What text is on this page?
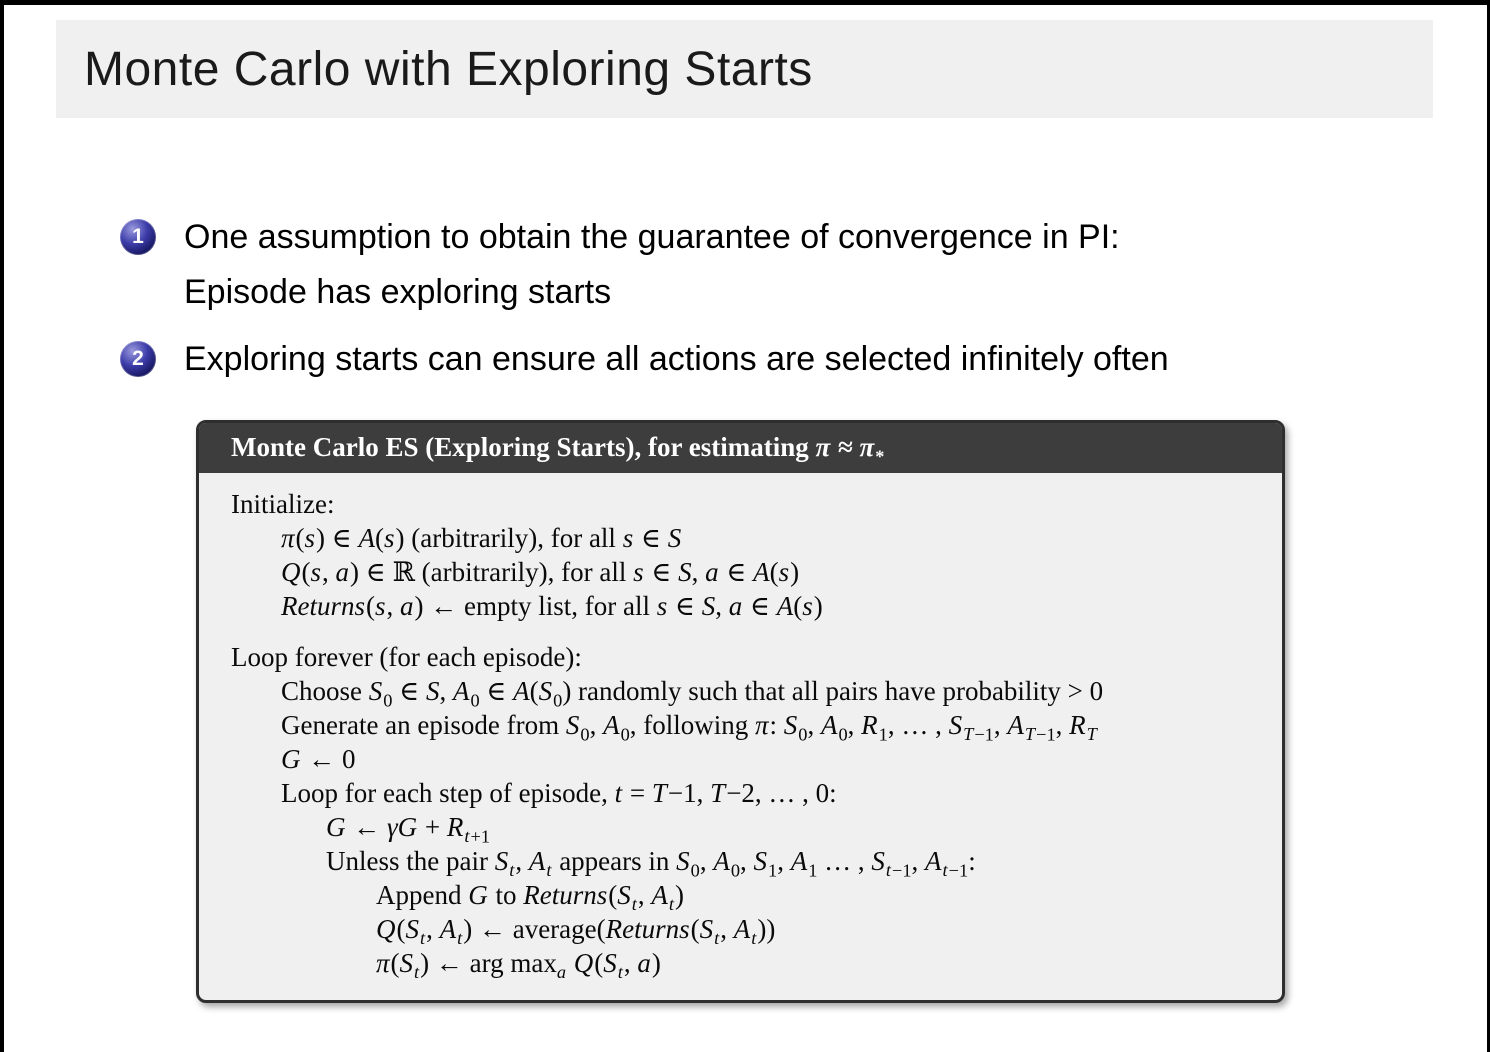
Monte Carlo with Exploring Starts
1	One assumption to obtain the guarantee of convergence in PI:
Episode has exploring starts
2	Exploring starts can ensure all actions are selected infinitely often
Monte Carlo ES (Exploring Starts), for estimating $\pi \approx \pi_*$
Initialize:
π(s) ∈ A(s) (arbitrarily), for all s ∈ S
Q(s, a) ∈ ℝ (arbitrarily), for all s ∈ S, a ∈ A(s)
Returns(s, a) ← empty list, for all s ∈ S, a ∈ A(s)
Loop forever (for each episode):
Choose $S_0$ ∈ S, $A_0$ ∈ $A(S_0)$ randomly such that all pairs have probability > 0
Generate an episode from $S_0$, $A_0$, following π: $S_0$, $A_0$, $R_1$, … , $S_{T-1}$, $A_{T-1}$, $R_T$
G ← 0
Loop for each step of episode, t = T−1, T−2, … , 0:
G ← $\gamma G + R_{t+1}$
Unless the pair $S_t$, $A_t$ appears in $S_0$, $A_0$, $S_1$, $A_1$ … , $S_{t-1}$, $A_{t-1}$:
Append G to $Returns(S_t$, $A_t$)
$Q(S_t$, $A_t$) ← $average(Returns(S_t$, $A_t$))
$\pi(S_t)$ ← arg $\max_a Q(S_t$, a)
